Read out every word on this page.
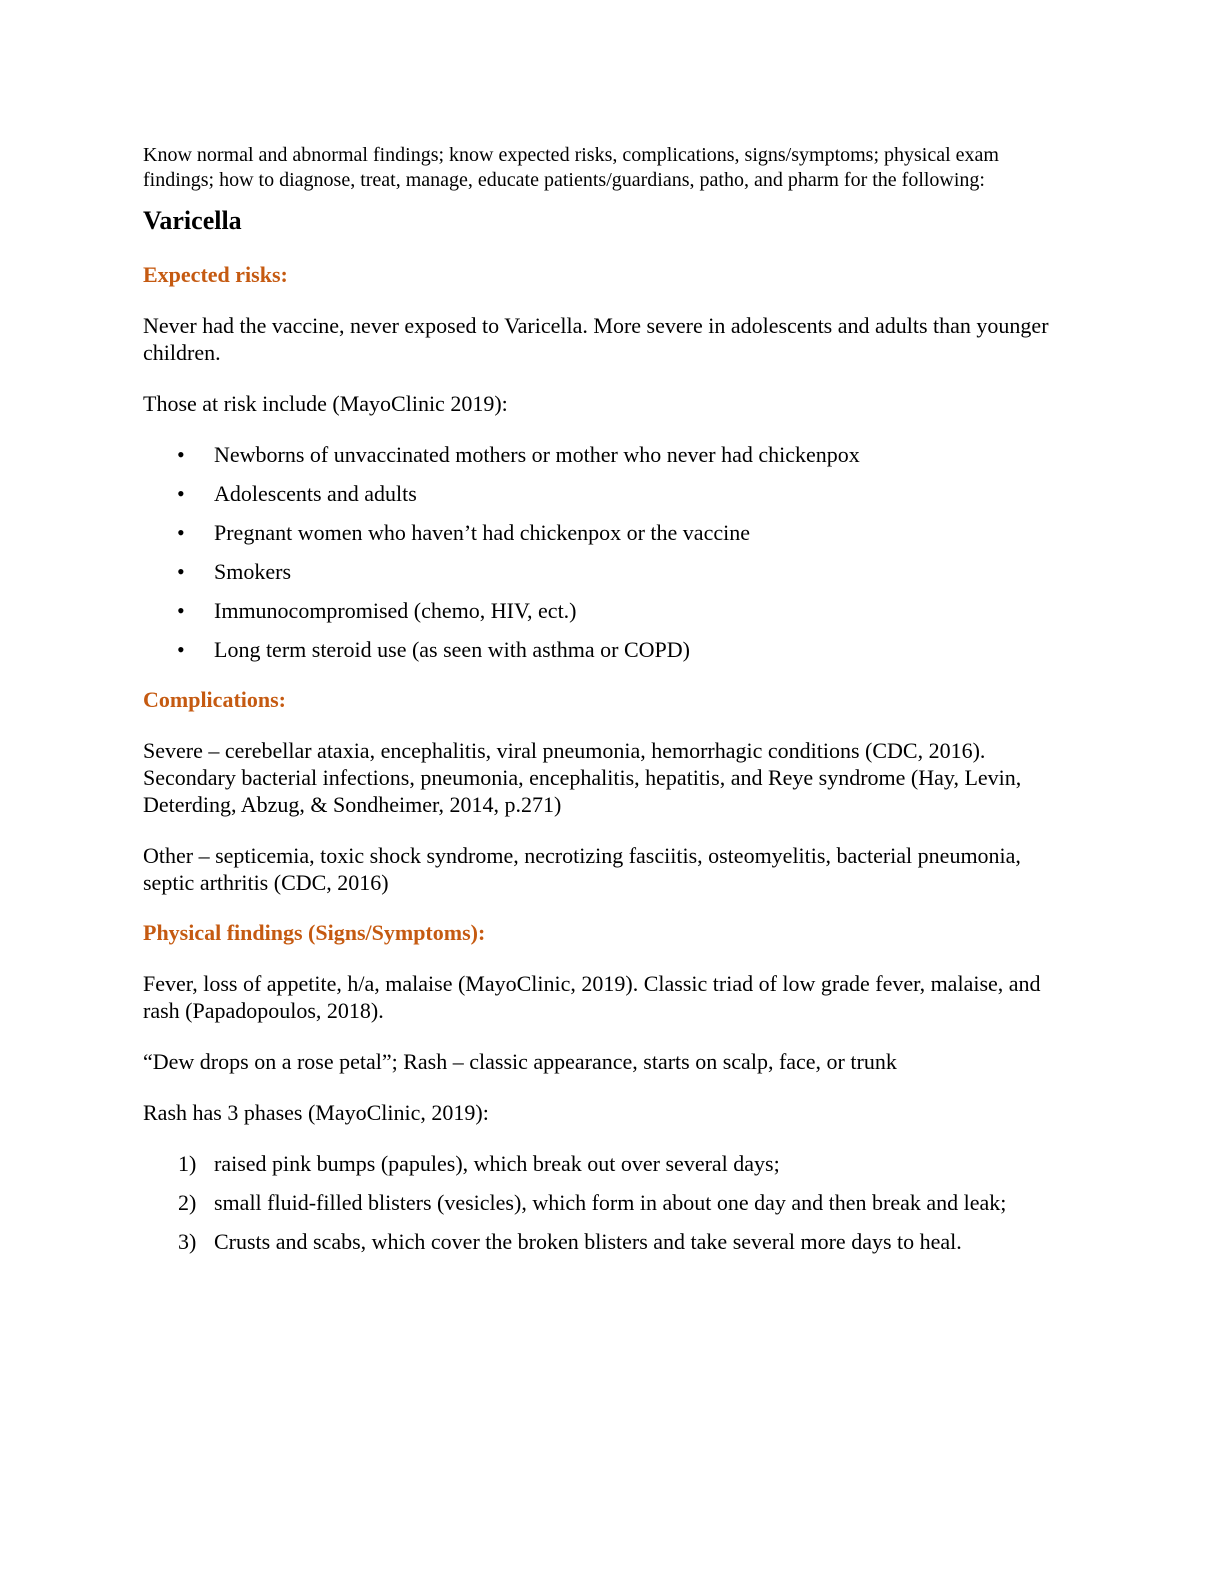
Know normal and abnormal findings; know expected risks, complications, signs/symptoms; physical exam findings; how to diagnose, treat, manage, educate patients/guardians, patho, and pharm for the following:

Varicella
Expected risks:

Never had the vaccine, never exposed to Varicella. More severe in adolescents and adults than younger children.

Those at risk include (MayoClinic 2019):

• Newborns of unvaccinated mothers or mother who never had chickenpox
• Adolescents and adults
• Pregnant women who haven’t had chickenpox or the vaccine
• Smokers
• Immunocompromised (chemo, HIV, ect.)
• Long term steroid use (as seen with asthma or COPD)
Complications:

Severe – cerebellar ataxia, encephalitis, viral pneumonia, hemorrhagic conditions (CDC, 2016). Secondary bacterial infections, pneumonia, encephalitis, hepatitis, and Reye syndrome (Hay, Levin, Deterding, Abzug, & Sondheimer, 2014, p.271)

Other – septicemia, toxic shock syndrome, necrotizing fasciitis, osteomyelitis, bacterial pneumonia, septic arthritis (CDC, 2016)

Physical findings (Signs/Symptoms):

Fever, loss of appetite, h/a, malaise (MayoClinic, 2019). Classic triad of low grade fever, malaise, and rash (Papadopoulos, 2018).

“Dew drops on a rose petal”; Rash – classic appearance, starts on scalp, face, or trunk

Rash has 3 phases (MayoClinic, 2019):

1) raised pink bumps (papules), which break out over several days;
2) small fluid-filled blisters (vesicles), which form in about one day and then break and leak;
3) Crusts and scabs, which cover the broken blisters and take several more days to heal.
